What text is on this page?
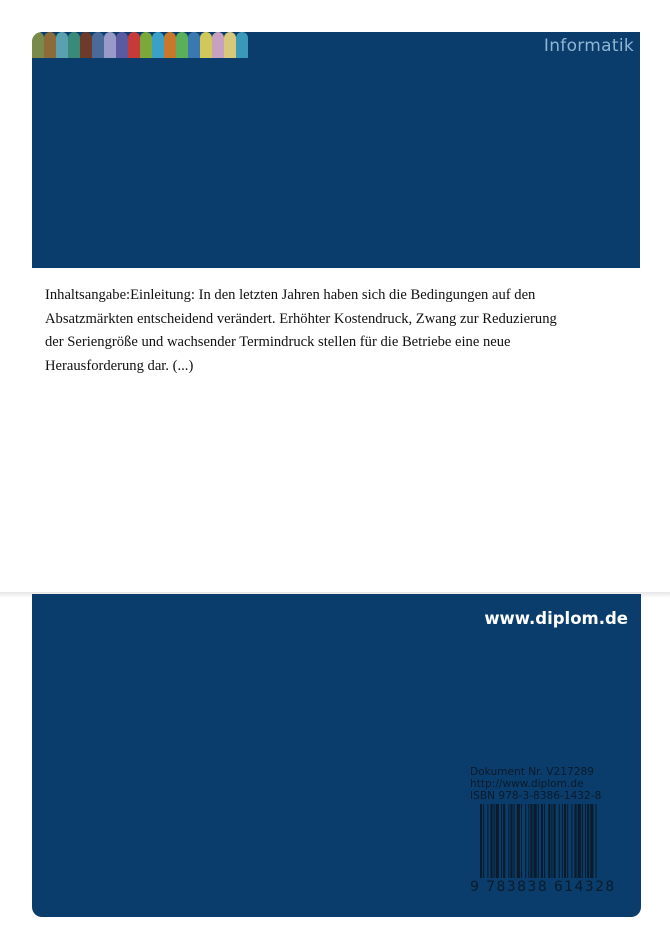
Informatik

Inhaltsangabe:Einleitung: In den letzten Jahren haben sich die Bedingungen auf den Absatzmärkten entscheidend verändert. Erhöhter Kostendruck, Zwang zur Reduzierung der Seriengröße und wachsender Termindruck stellen für die Betriebe eine neue Herausforderung dar. (...)

www.diplom.de
Dokument Nr. V217289
http://www.diplom.de
ISBN 978-3-8386-1432-8
9 783838 614328
